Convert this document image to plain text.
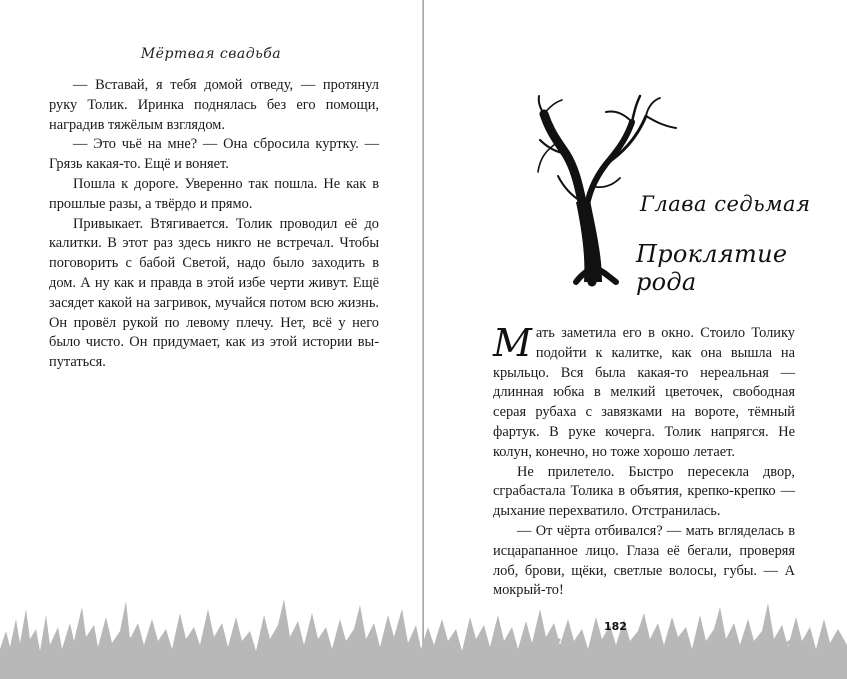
Мёртвая свадьба

— Вставай, я тебя домой отведу, — протянул руку Толик. Иринка поднялась без его помощи, наградив тяжёлым взглядом.

— Это чьё на мне? — Она сбросила куртку. — Грязь какая-то. Ещё и воняет.

Пошла к дороге. Уверенно так пошла. Не как в прошлые разы, а твёрдо и прямо.

Привыкает. Втягивается. Толик проводил её до калитки. В этот раз здесь никго не встречал. Чтобы поговорить с бабой Светой, надо было заходить в дом. А ну как и правда в этой избе черти живут. Ещё засядет какой на загривок, мучайся потом всю жизнь. Он провёл рукой по левому плечу. Нет, всё у него было чисто. Он придумает, как из этой истории выпутаться.

Глава седьмая
Проклятие рода

Мать заметила его в окно. Стоило Толику подойти к калитке, как она вышла на крыльцо. Вся была какая-то нереальная — длинная юбка в мелкий цветочек, свободная серая рубаха с завязками на вороте, тёмный фартук. В руке кочерга. Толик напрягся. Не колун, конечно, но тоже хорошо летает.

Не прилетело. Быстро пересекла двор, сграбастала Толика в объятия, крепко-крепко — дыхание перехватило. Отстранилась.

— От чёрта отбивался? — мать вгляделась в исцарапанное лицо. Глаза её бегали, проверяя лоб, брови, щёки, светлые волосы, губы. — А мокрый-то!

182
